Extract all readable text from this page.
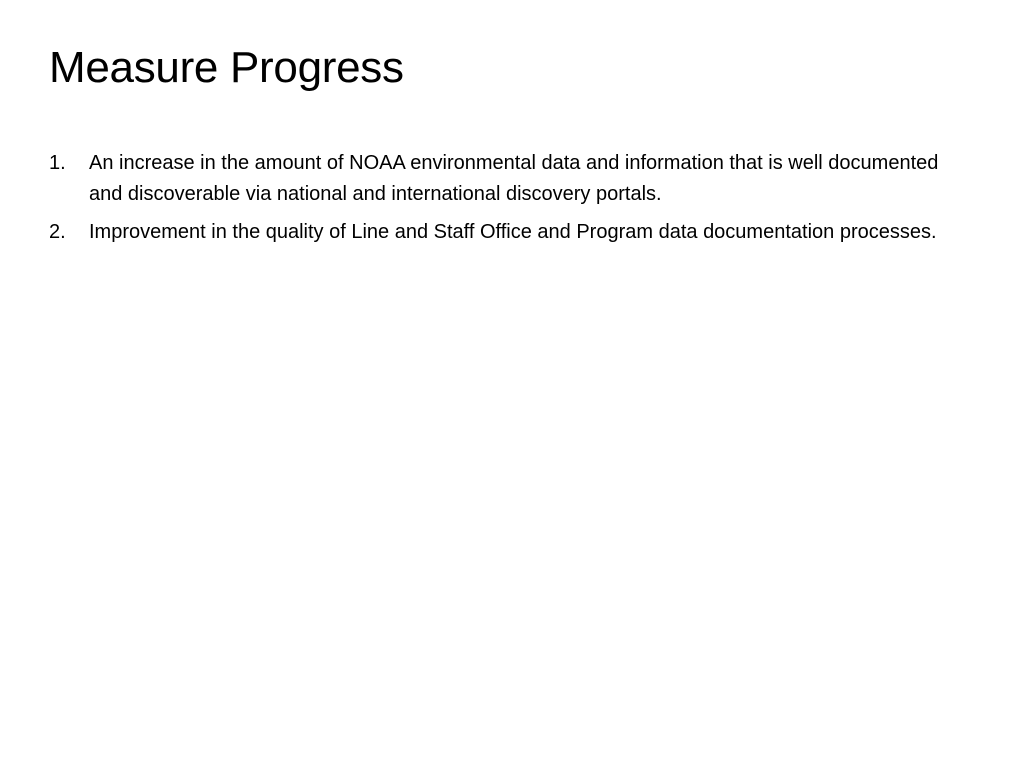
Measure Progress
1.	An increase in the amount of NOAA environmental data and information that is well documented and discoverable via national and international discovery portals.
2.	Improvement in the quality of Line and Staff Office and Program data documentation processes.
